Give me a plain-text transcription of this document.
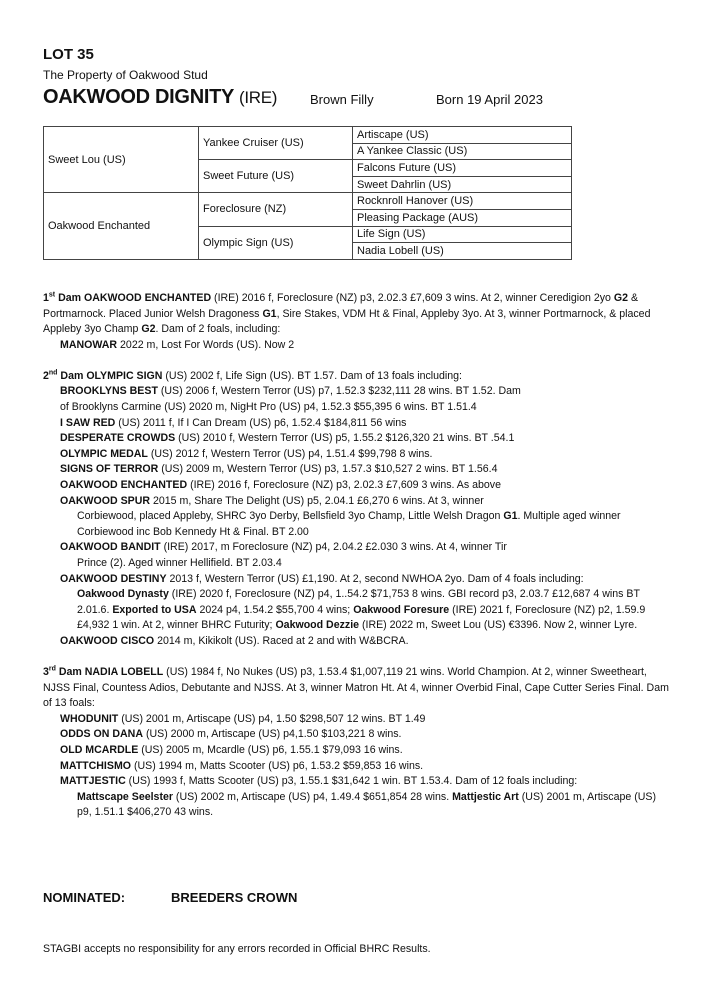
LOT 35
The Property of Oakwood Stud
OAKWOOD DIGNITY (IRE)	Brown Filly	Born 19 April 2023
Sweet Lou (US)	Yankee Cruiser (US)	Artiscape (US)
		A Yankee Classic (US)
	Sweet Future (US)	Falcons Future (US)
		Sweet Dahrlin (US)
Oakwood Enchanted	Foreclosure (NZ)	Rocknroll Hanover (US)
		Pleasing Package (AUS)
	Olympic Sign (US)	Life Sign (US)
		Nadia Lobell (US)

1st Dam OAKWOOD ENCHANTED (IRE) 2016 f, Foreclosure (NZ) p3, 2.02.3 £7,609 3 wins. At 2, winner Ceredigion 2yo G2 & Portmarnock. Placed Junior Welsh Dragoness G1, Sire Stakes, VDM Ht & Final, Appleby 3yo. At 3, winner Portmarnock, & placed Appleby 3yo Champ G2. Dam of 2 foals, including:

MANOWAR 2022 m, Lost For Words (US). Now 2

2nd Dam OLYMPIC SIGN (US) 2002 f, Life Sign (US). BT 1.57. Dam of 13 foals including:

BROOKLYNS BEST (US) 2006 f, Western Terror (US) p7, 1.52.3 $232,111 28 wins. BT 1.52. Dam

of Brooklyns Carmine (US) 2020 m, NigHt Pro (US) p4, 1.52.3 $55,395 6 wins. BT 1.51.4

I SAW RED (US) 2011 f, If I Can Dream (US) p6, 1.52.4 $184,811 56 wins

DESPERATE CROWDS (US) 2010 f, Western Terror (US) p5, 1.55.2 $126,320 21 wins. BT .54.1

OLYMPIC MEDAL (US) 2012 f, Western Terror (US) p4, 1.51.4 $99,798 8 wins.

SIGNS OF TERROR (US) 2009 m, Western Terror (US) p3, 1.57.3 $10,527 2 wins. BT 1.56.4

OAKWOOD ENCHANTED (IRE) 2016 f, Foreclosure (NZ) p3, 2.02.3 £7,609 3 wins. As above

OAKWOOD SPUR 2015 m, Share The Delight (US) p5, 2.04.1 £6,270 6 wins. At 3, winner

Corbiewood, placed Appleby, SHRC 3yo Derby, Bellsfield 3yo Champ, Little Welsh Dragon G1. Multiple aged winner Corbiewood inc Bob Kennedy Ht & Final. BT 2.00

OAKWOOD BANDIT (IRE) 2017, m Foreclosure (NZ) p4, 2.04.2 £2.030 3 wins. At 4, winner Tir

Prince (2). Aged winner Hellifield. BT 2.03.4

OAKWOOD DESTINY 2013 f, Western Terror (US) £1,190. At 2, second NWHOA 2yo. Dam of 4 foals including:

Oakwood Dynasty (IRE) 2020 f, Foreclosure (NZ) p4, 1..54.2 $71,753 8 wins. GBI record p3, 2.03.7 £12,687 4 wins BT 2.01.6. Exported to USA 2024 p4, 1.54.2 $55,700 4 wins; Oakwood Foresure (IRE) 2021 f, Foreclosure (NZ) p2, 1.59.9 £4,932 1 win. At 2, winner BHRC Futurity; Oakwood Dezzie (IRE) 2022 m, Sweet Lou (US) €3396. Now 2, winner Lyre.

OAKWOOD CISCO 2014 m, Kikikolt (US). Raced at 2 and with W&BCRA.

3rd Dam NADIA LOBELL (US) 1984 f, No Nukes (US) p3, 1.53.4 $1,007,119 21 wins. World Champion. At 2, winner Sweetheart, NJSS Final, Countess Adios, Debutante and NJSS. At 3, winner Matron Ht. At 4, winner Overbid Final, Cape Cutter Series Final. Dam of 13 foals:

WHODUNIT (US) 2001 m, Artiscape (US) p4, 1.50 $298,507 12 wins. BT 1.49

ODDS ON DANA (US) 2000 m, Artiscape (US) p4,1.50 $103,221 8 wins.

OLD MCARDLE (US) 2005 m, Mcardle (US) p6, 1.55.1 $79,093 16 wins.

MATTCHISMO (US) 1994 m, Matts Scooter (US) p6, 1.53.2 $59,853 16 wins.

MATTJESTIC (US) 1993 f, Matts Scooter (US) p3, 1.55.1 $31,642 1 win. BT 1.53.4. Dam of 12 foals including:

Mattscape Seelster (US) 2002 m, Artiscape (US) p4, 1.49.4 $651,854 28 wins. Mattjestic Art (US) 2001 m, Artiscape (US) p9, 1.51.1 $406,270 43 wins.

NOMINATED:	BREEDERS CROWN
STAGBI accepts no responsibility for any errors recorded in Official BHRC Results.
